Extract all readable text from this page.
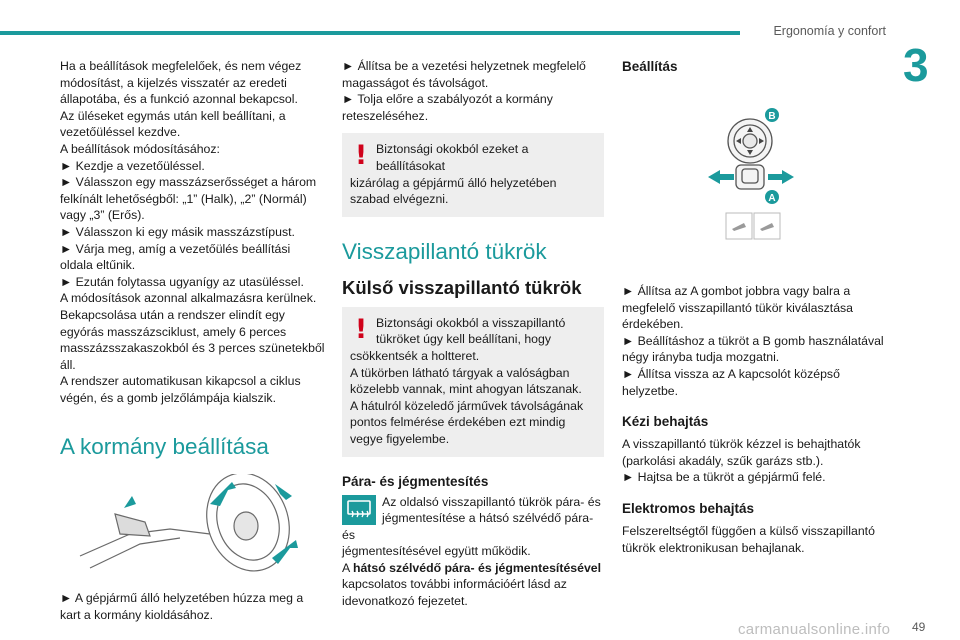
Ergonomía y confort
3

Ha a beállítások megfelelőek, és nem végez

módosítást, a kijelzés visszatér az eredeti

állapotába, és a funkció azonnal bekapcsol.

Az üléseket egymás után kell beállítani, a

vezetőüléssel kezdve.

A beállítások módosításához:

► Kezdje a vezetőüléssel.

► Válasszon egy masszázserősséget a három

felkínált lehetőségből: „1” (Halk), „2” (Normál)

vagy „3” (Erős).

► Válasszon ki egy másik masszázstípust.

► Várja meg, amíg a vezetőülés beállítási

oldala eltűnik.

► Ezután folytassa ugyanígy az utasüléssel.

A módosítások azonnal alkalmazásra kerülnek.

Bekapcsolása után a rendszer elindít egy

egyórás masszázsciklust, amely 6 perces

masszázsszakaszokból és 3 perces szünetekből

áll.

A rendszer automatikusan kikapcsol a ciklus

végén, és a gomb jelzőlámpája kialszik.

A kormány beállítása

► A gépjármű álló helyzetében húzza meg a

kart a kormány kioldásához.

► Állítsa be a vezetési helyzetnek megfelelő

magasságot és távolságot.

► Tolja előre a szabályozót a kormány

reteszeléséhez.

! Biztonsági okokból ezeket a beállításokat

kizárólag a gépjármű álló helyzetében

szabad elvégezni.

Visszapillantó tükrök
Külső visszapillantó tükrök
! Biztonsági okokból a visszapillantó

tükröket úgy kell beállítani, hogy

csökkentsék a holtteret.

A tükörben látható tárgyak a valóságban

közelebb vannak, mint ahogyan látszanak.

A hátulról közeledő járművek távolságának

pontos felmérése érdekében ezt mindig

vegye figyelembe.

Pára- és jégmentesítés

Az oldalsó visszapillantó tükrök pára- és

jégmentesítése a hátsó szélvédő pára- és

jégmentesítésével együtt működik.

A hátsó szélvédő pára- és jégmentesítésével

kapcsolatos további információért lásd az

idevonatkozó fejezetet.

Beállítás
B
A

► Állítsa az A gombot jobbra vagy balra a

megfelelő visszapillantó tükör kiválasztása

érdekében.

► Beállításhoz a tükröt a B gomb használatával

négy irányba tudja mozgatni.

► Állítsa vissza az A kapcsolót középső

helyzetbe.

Kézi behajtás

A visszapillantó tükrök kézzel is behajthatók

(parkolási akadály, szűk garázs stb.).

► Hajtsa be a tükröt a gépjármű felé.

Elektromos behajtás

Felszereltségtől függően a külső visszapillantó

tükrök elektronikusan behajlanak.

carmanualsonline.info 49
